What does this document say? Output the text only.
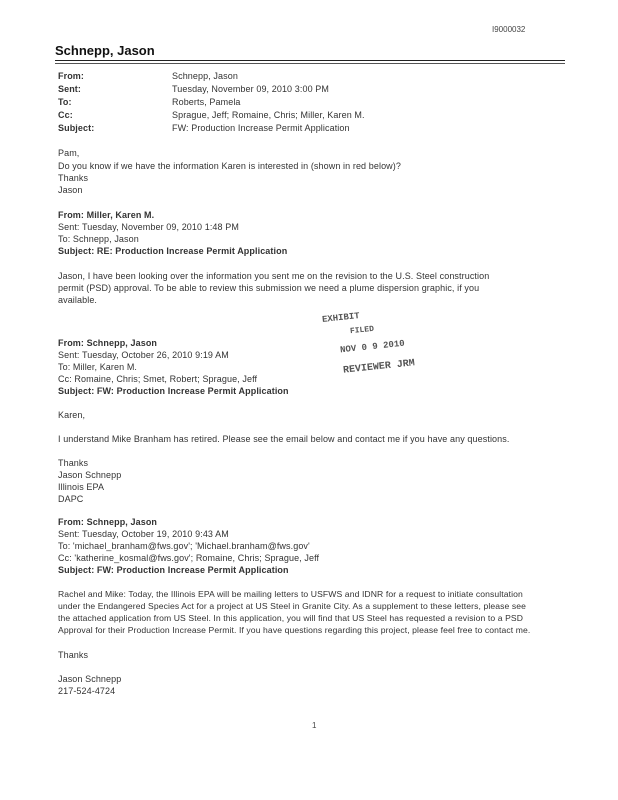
I9000032
Schnepp, Jason
From:	Schnepp, Jason
Sent:	Tuesday, November 09, 2010 3:00 PM
To:	Roberts, Pamela
Cc:	Sprague, Jeff; Romaine, Chris; Miller, Karen M.
Subject:	FW: Production Increase Permit Application
Pam,
Do you know if we have the information Karen is interested in (shown in red below)?
Thanks
Jason
From: Miller, Karen M.
Sent: Tuesday, November 09, 2010 1:48 PM
To: Schnepp, Jason
Subject: RE: Production Increase Permit Application
Jason, I have been looking over the information you sent me on the revision to the U.S. Steel construction
permit (PSD) approval. To be able to review this submission we need a plume dispersion graphic, if you
available.
EXHIBIT
FILED
NOV 0 9 2010
REVIEWER JRM
From: Schnepp, Jason
Sent: Tuesday, October 26, 2010 9:19 AM
To: Miller, Karen M.
Cc: Romaine, Chris; Smet, Robert; Sprague, Jeff
Subject: FW: Production Increase Permit Application
Karen,
I understand Mike Branham has retired. Please see the email below and contact me if you have any questions.
Thanks
Jason Schnepp
Illinois EPA
DAPC
From: Schnepp, Jason
Sent: Tuesday, October 19, 2010 9:43 AM
To: 'michael_branham@fws.gov'; 'Michael.branham@fws.gov'
Cc: 'katherine_kosmal@fws.gov'; Romaine, Chris; Sprague, Jeff
Subject: FW: Production Increase Permit Application
Rachel and Mike: Today, the Illinois EPA will be mailing letters to USFWS and IDNR for a request to initiate consultation
under the Endangered Species Act for a project at US Steel in Granite City. As a supplement to these letters, please see
the attached application from US Steel. In this application, you will find that US Steel has requested a revision to a PSD
Approval for their Production Increase Permit. If you have questions regarding this project, please feel free to contact me.
Thanks
Jason Schnepp
217-524-4724
1
